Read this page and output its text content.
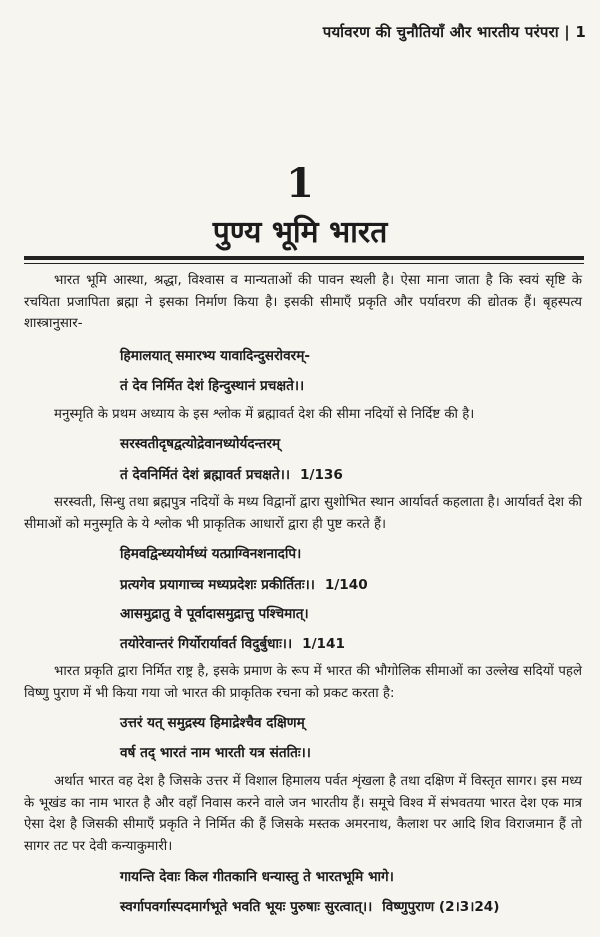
पर्यावरण की चुनौतियाँ और भारतीय परंपरा | 1
1
पुण्य भूमि भारत

भारत भूमि आस्था, श्रद्धा, विश्वास व मान्यताओं की पावन स्थली है। ऐसा माना जाता है कि स्वयं सृष्टि के रचयिता प्रजापिता ब्रह्मा ने इसका निर्माण किया है। इसकी सीमाएँ प्रकृति और पर्यावरण की द्योतक हैं। बृहस्पत्य शास्त्रानुसार-

हिमालयात् समारभ्य यावादिन्दुसरोवरम्-

तं देव निर्मित देशं हिन्दुस्थानं प्रचक्षते।।

मनुस्मृति के प्रथम अध्याय के इस श्लोक में ब्रह्मावर्त देश की सीमा नदियों से निर्दिष्ट की है।

सरस्वतीदृषद्वत्योद्रेवानध्योर्यदन्तरम्

तं देवनिर्मितं देशं ब्रह्मावर्त प्रचक्षते।। 1/136

सरस्वती, सिन्धु तथा ब्रह्मपुत्र नदियों के मध्य विद्वानों द्वारा सुशोभित स्थान आर्यावर्त कहलाता है। आर्यावर्त देश की सीमाओं को मनुस्मृति के ये श्लोक भी प्राकृतिक आधारों द्वारा ही पुष्ट करते हैं।

हिमवद्विन्ध्ययोर्मध्यं यत्प्राग्विनशनादपि।

प्रत्यगेव प्रयागाच्च मध्यप्रदेशः प्रकीर्तितः।। 1/140

आसमुद्रातु वे पूर्वादासमुद्रात्तु पश्चिमात्।

तयोरेवान्तरं गिर्योरार्यावर्त विदुर्बुधाः।। 1/141

भारत प्रकृति द्वारा निर्मित राष्ट्र है, इसके प्रमाण के रूप में भारत की भौगोलिक सीमाओं का उल्लेख सदियों पहले विष्णु पुराण में भी किया गया जो भारत की प्राकृतिक रचना को प्रकट करता है:

उत्तरं यत् समुद्रस्य हिमाद्रेश्चैव दक्षिणम्

वर्ष तद् भारतं नाम भारती यत्र संततिः।।

अर्थात भारत वह देश है जिसके उत्तर में विशाल हिमालय पर्वत शृंखला है तथा दक्षिण में विस्तृत सागर। इस मध्य के भूखंड का नाम भारत है और वहाँ निवास करने वाले जन भारतीय हैं। समूचे विश्व में संभवतया भारत देश एक मात्र ऐसा देश है जिसकी सीमाएँ प्रकृति ने निर्मित की हैं जिसके मस्तक अमरनाथ, कैलाश पर आदि शिव विराजमान हैं तो सागर तट पर देवी कन्याकुमारी।

गायन्ति देवाः किल गीतकानि धन्यास्तु ते भारतभूमि भागे।

स्वर्गापवर्गास्पदमार्गभूते भवति भूयः पुरुषाः सुरत्वात्।। विष्णुपुराण (2।3।24)
